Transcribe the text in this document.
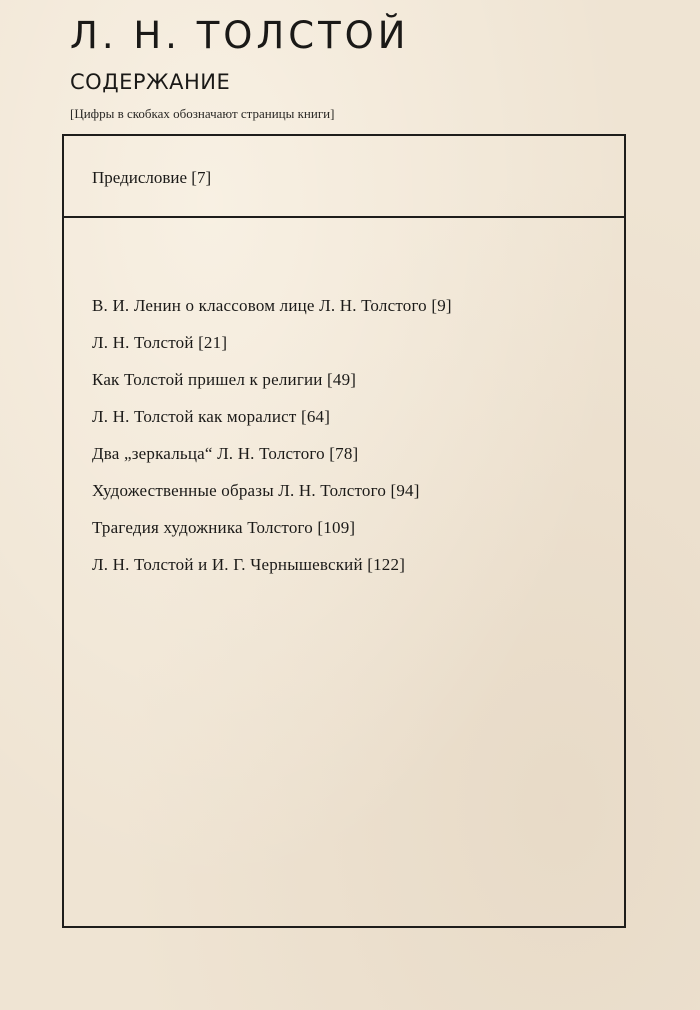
Л. Н. ТОЛСТОЙ
СОДЕРЖАНИЕ
[Цифры в скобках обозначают страницы книги]
Предисловие [7]
В. И. Ленин о классовом лице Л. Н. Толстого [9]
Л. Н. Толстой [21]
Как Толстой пришел к религии [49]
Л. Н. Толстой как моралист [64]
Два „зеркальца“ Л. Н. Толстого [78]
Художественные образы Л. Н. Толстого [94]
Трагедия художника Толстого [109]
Л. Н. Толстой и И. Г. Чернышевский [122]
